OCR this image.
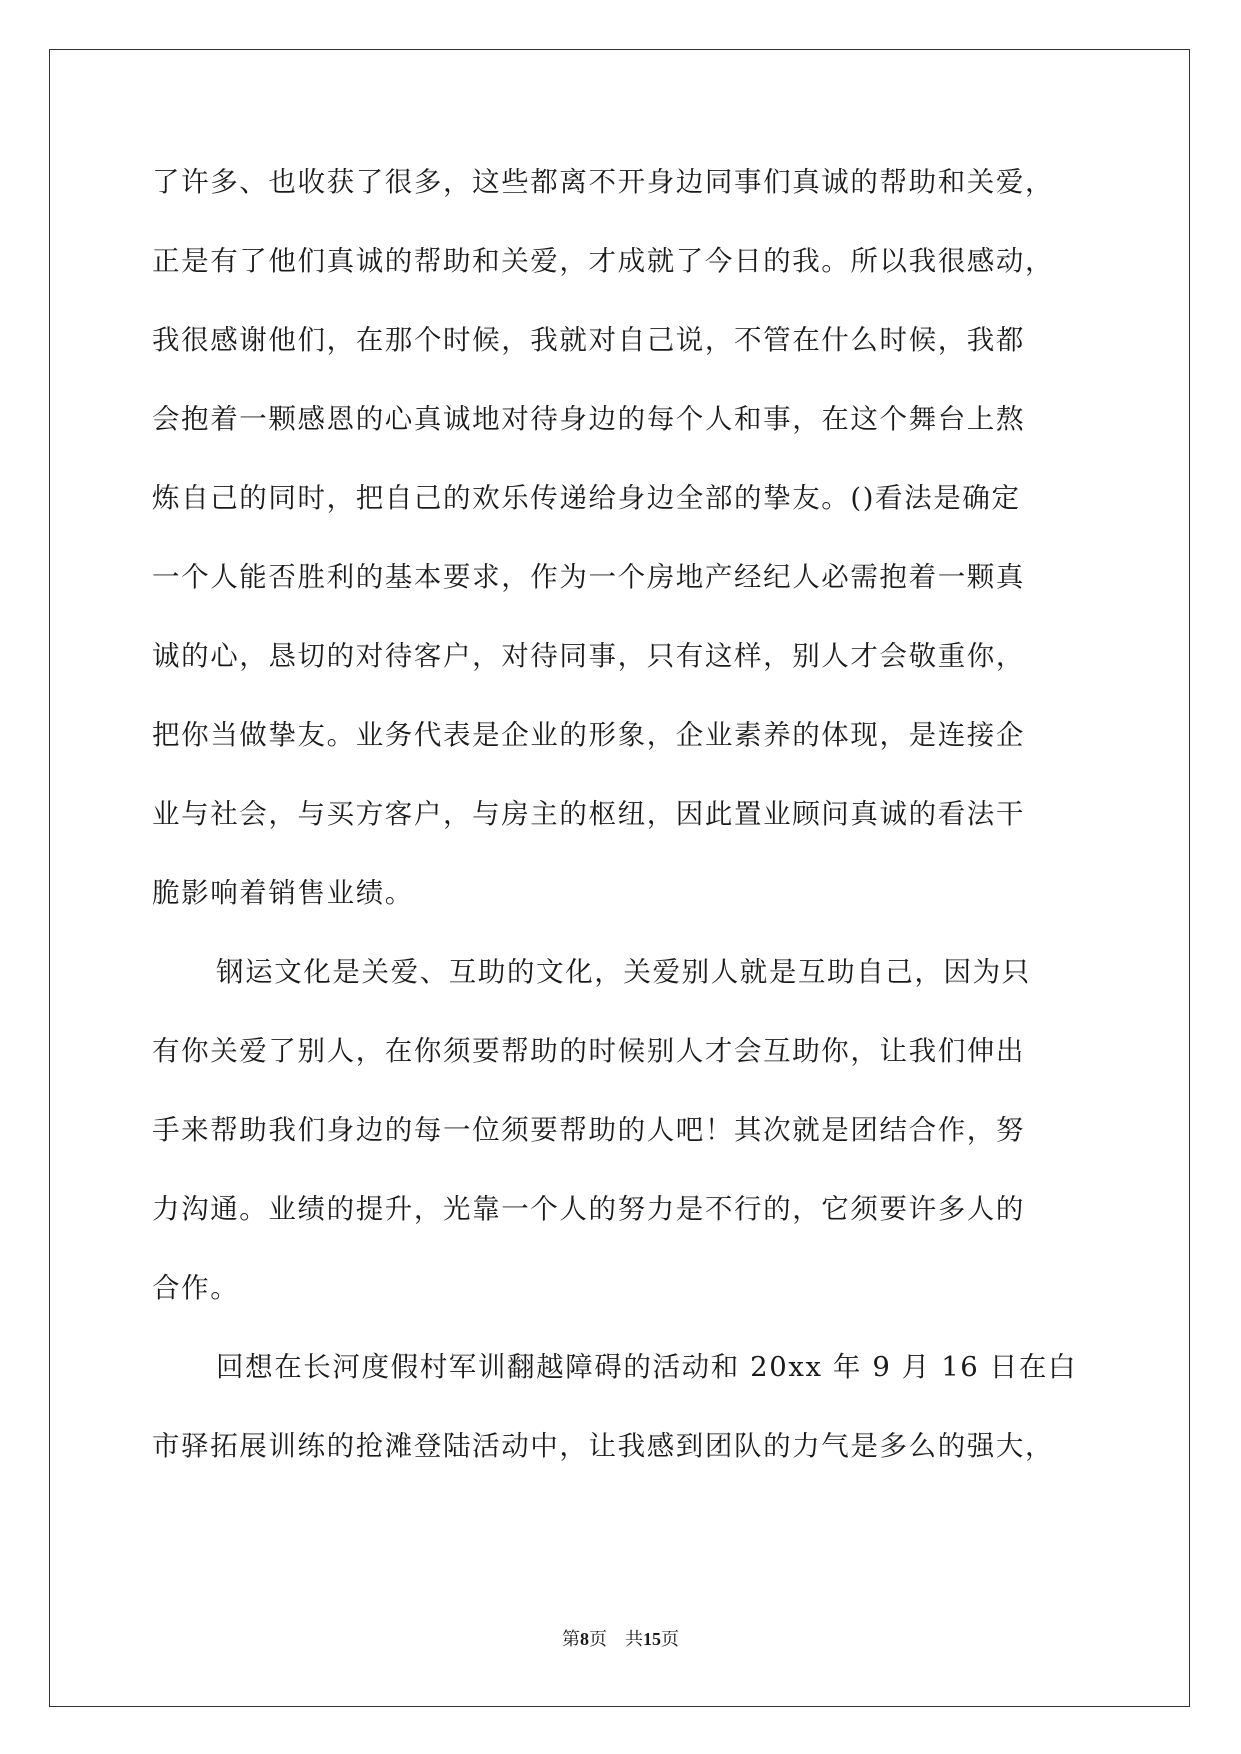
了许多、也收获了很多，这些都离不开身边同事们真诚的帮助和关爱，
正是有了他们真诚的帮助和关爱，才成就了今日的我。所以我很感动，
我很感谢他们，在那个时候，我就对自己说，不管在什么时候，我都
会抱着一颗感恩的心真诚地对待身边的每个人和事，在这个舞台上熬
炼自己的同时，把自己的欢乐传递给身边全部的挚友。()看法是确定
一个人能否胜利的基本要求，作为一个房地产经纪人必需抱着一颗真
诚的心，恳切的对待客户，对待同事，只有这样，别人才会敬重你，
把你当做挚友。业务代表是企业的形象，企业素养的体现，是连接企
业与社会，与买方客户，与房主的枢纽，因此置业顾问真诚的看法干
脆影响着销售业绩。
钢运文化是关爱、互助的文化，关爱别人就是互助自己，因为只
有你关爱了别人，在你须要帮助的时候别人才会互助你，让我们伸出
手来帮助我们身边的每一位须要帮助的人吧！其次就是团结合作，努
力沟通。业绩的提升，光靠一个人的努力是不行的，它须要许多人的
合作。
回想在长河度假村军训翻越障碍的活动和 20xx 年 9 月 16 日在白
市驿拓展训练的抢滩登陆活动中，让我感到团队的力气是多么的强大，
第8页 共15页
